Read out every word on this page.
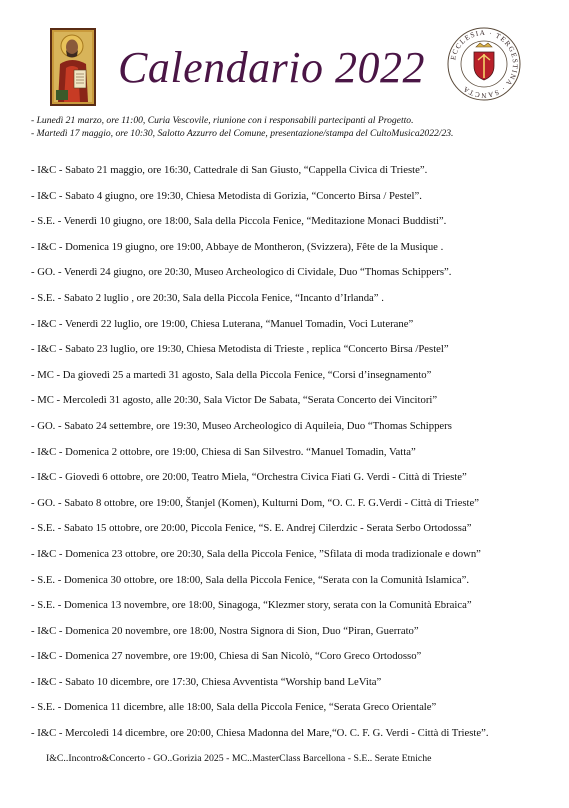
ECCLESIA · TERGESTINA · SANCTA
Calendario 2022
- Lunedì 21 marzo, ore 11:00, Curia Vescovile, riunione con i responsabili partecipanti al Progetto.
- Martedì 17 maggio, ore 10:30, Salotto Azzurro del Comune, presentazione/stampa del CultoMusica2022/23.
- I&C - Sabato 21 maggio, ore 16:30, Cattedrale di San Giusto, “Cappella Civica di Trieste”.
- I&C - Sabato 4 giugno, ore 19:30, Chiesa Metodista di Gorizia, “Concerto Birsa / Pestel”.
- S.E. - Venerdì 10 giugno, ore 18:00, Sala della Piccola Fenice, “Meditazione Monaci Buddisti”.
- I&C - Domenica 19 giugno, ore 19:00, Abbaye de Montheron, (Svizzera), Fête de la Musique .
- GO. - Venerdì 24 giugno, ore 20:30, Museo Archeologico di Cividale, Duo “Thomas Schippers”.
- S.E. - Sabato 2 luglio , ore 20:30, Sala della Piccola Fenice, “Incanto d’Irlanda” .
- I&C - Venerdì 22 luglio, ore 19:00, Chiesa Luterana, “Manuel Tomadin, Voci Luterane”
- I&C - Sabato 23 luglio, ore 19:30, Chiesa Metodista di Trieste , replica “Concerto Birsa /Pestel”
- MC - Da giovedì 25 a martedì 31 agosto, Sala della Piccola Fenice, “Corsi d’insegnamento”
- MC - Mercoledì 31 agosto, alle 20:30, Sala Victor De Sabata, “Serata Concerto dei Vincitori”
- GO. - Sabato 24 settembre, ore 19:30, Museo Archeologico di Aquileia, Duo “Thomas Schippers
- I&C - Domenica 2 ottobre, ore 19:00, Chiesa di San Silvestro. “Manuel Tomadin, Vatta”
- I&C - Giovedì 6 ottobre, ore 20:00, Teatro Miela, “Orchestra Civica Fiati G. Verdi - Città di Trieste”
- GO. - Sabato 8 ottobre, ore 19:00, Štanjel (Komen), Kulturni Dom, “O. C. F. G.Verdi - Città di Trieste”
- S.E. - Sabato 15 ottobre, ore 20:00, Piccola Fenice, “S. E. Andrej Cilerdzic - Serata Serbo Ortodossa”
- I&C - Domenica 23 ottobre, ore 20:30, Sala della Piccola Fenice, ”Sfilata di moda tradizionale e down”
- S.E. - Domenica 30 ottobre, ore 18:00, Sala della Piccola Fenice, “Serata con la Comunità Islamica”.
- S.E. - Domenica 13 novembre, ore 18:00, Sinagoga, “Klezmer story, serata con la Comunità Ebraica”
- I&C - Domenica 20 novembre, ore 18:00, Nostra Signora di Sion, Duo “Piran, Guerrato”
- I&C - Domenica 27 novembre, ore 19:00, Chiesa di San Nicolò, “Coro Greco Ortodosso”
- I&C - Sabato 10 dicembre, ore 17:30, Chiesa Avventista “Worship band LeVita”
- S.E. - Domenica 11 dicembre, alle 18:00, Sala della Piccola Fenice, “Serata Greco Orientale”
- I&C - Mercoledì 14 dicembre, ore 20:00, Chiesa Madonna del Mare,“O. C. F. G. Verdi - Città di Trieste”.
I&C..Incontro&Concerto - GO..Gorizia 2025 - MC..MasterClass Barcellona - S.E.. Serate Etniche
